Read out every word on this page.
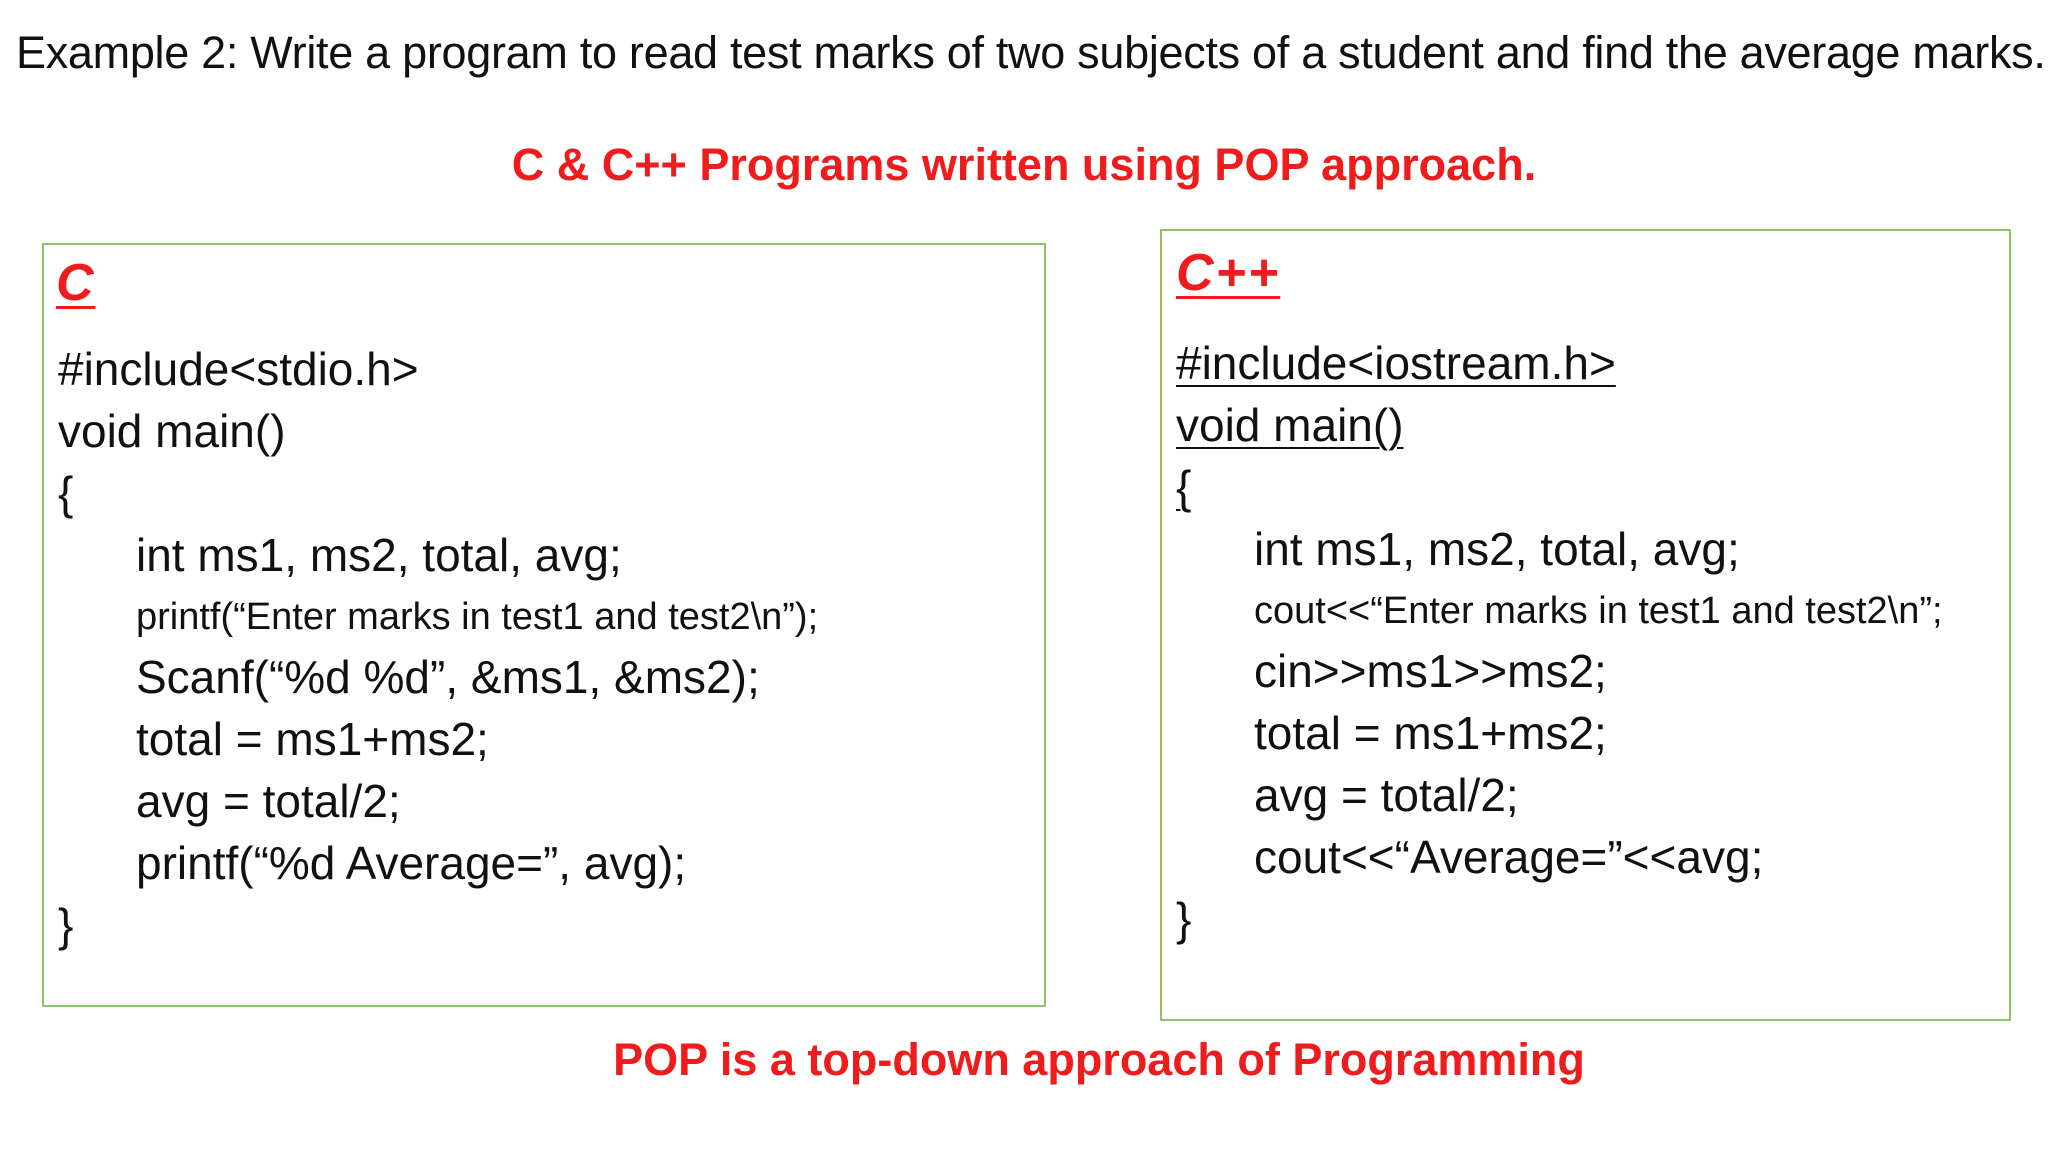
Example 2: Write a program to read test marks of two subjects of a student and find the average marks.
C & C++ Programs written using POP approach.
C
#include<stdio.h>
void main()
{
int ms1, ms2, total, avg;
printf(“Enter marks in test1 and test2\n”);
Scanf(“%d %d”, &ms1, &ms2);
total = ms1+ms2;
avg = total/2;
printf(“%d Average=”, avg);
}
C++
#include<iostream.h>
void main()
{
int ms1, ms2, total, avg;
cout<<“Enter marks in test1 and test2\n”;
cin>>ms1>>ms2;
total = ms1+ms2;
avg = total/2;
cout<<“Average=”<<avg;
}
POP is a top-down approach of Programming
